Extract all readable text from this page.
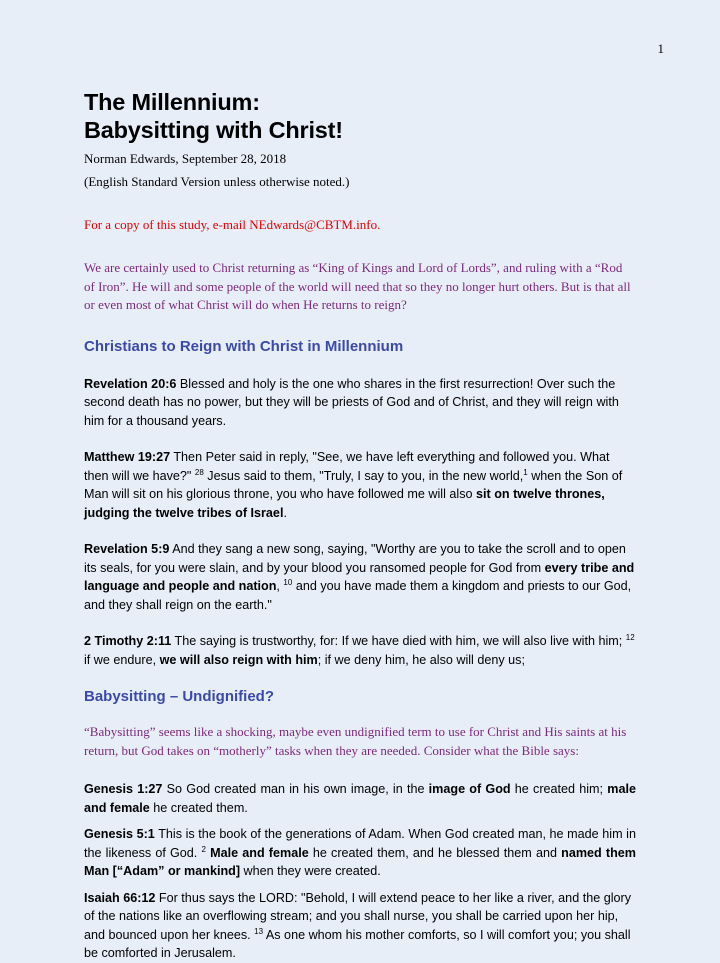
1
The Millennium:
Babysitting with Christ!
Norman Edwards, September 28, 2018
(English Standard Version unless otherwise noted.)
For a copy of this study, e-mail NEdwards@CBTM.info.
We are certainly used to Christ returning as “King of Kings and Lord of Lords”, and ruling with a “Rod of Iron”. He will and some people of the world will need that so they no longer hurt others. But is that all or even most of what Christ will do when He returns to reign?
Christians to Reign with Christ in Millennium

Revelation 20:6 Blessed and holy is the one who shares in the first resurrection! Over such the second death has no power, but they will be priests of God and of Christ, and they will reign with him for a thousand years.

Matthew 19:27 Then Peter said in reply, "See, we have left everything and followed you. What then will we have?" $^{28}$ Jesus said to them, "Truly, I say to you, in the new world,$^1$ when the Son of Man will sit on his glorious throne, you who have followed me will also sit on twelve thrones, judging the twelve tribes of Israel.

Revelation 5:9 And they sang a new song, saying, "Worthy are you to take the scroll and to open its seals, for you were slain, and by your blood you ransomed people for God from every tribe and language and people and nation, $^{10}$ and you have made them a kingdom and priests to our God, and they shall reign on the earth."

2 Timothy 2:11 The saying is trustworthy, for: If we have died with him, we will also live with him; $^{12}$ if we endure, we will also reign with him; if we deny him, he also will deny us;

Babysitting – Undignified?
“Babysitting” seems like a shocking, maybe even undignified term to use for Christ and His saints at his return, but God takes on “motherly” tasks when they are needed. Consider what the Bible says:

Genesis 1:27 So God created man in his own image, in the image of God he created him; male and female he created them.

Genesis 5:1 This is the book of the generations of Adam. When God created man, he made him in the likeness of God. $^2$ Male and female he created them, and he blessed them and named them Man [“Adam” or mankind] when they were created.

Isaiah 66:12 For thus says the LORD: "Behold, I will extend peace to her like a river, and the glory of the nations like an overflowing stream; and you shall nurse, you shall be carried upon her hip, and bounced upon her knees. $^{13}$ As one whom his mother comforts, so I will comfort you; you shall be comforted in Jerusalem.
